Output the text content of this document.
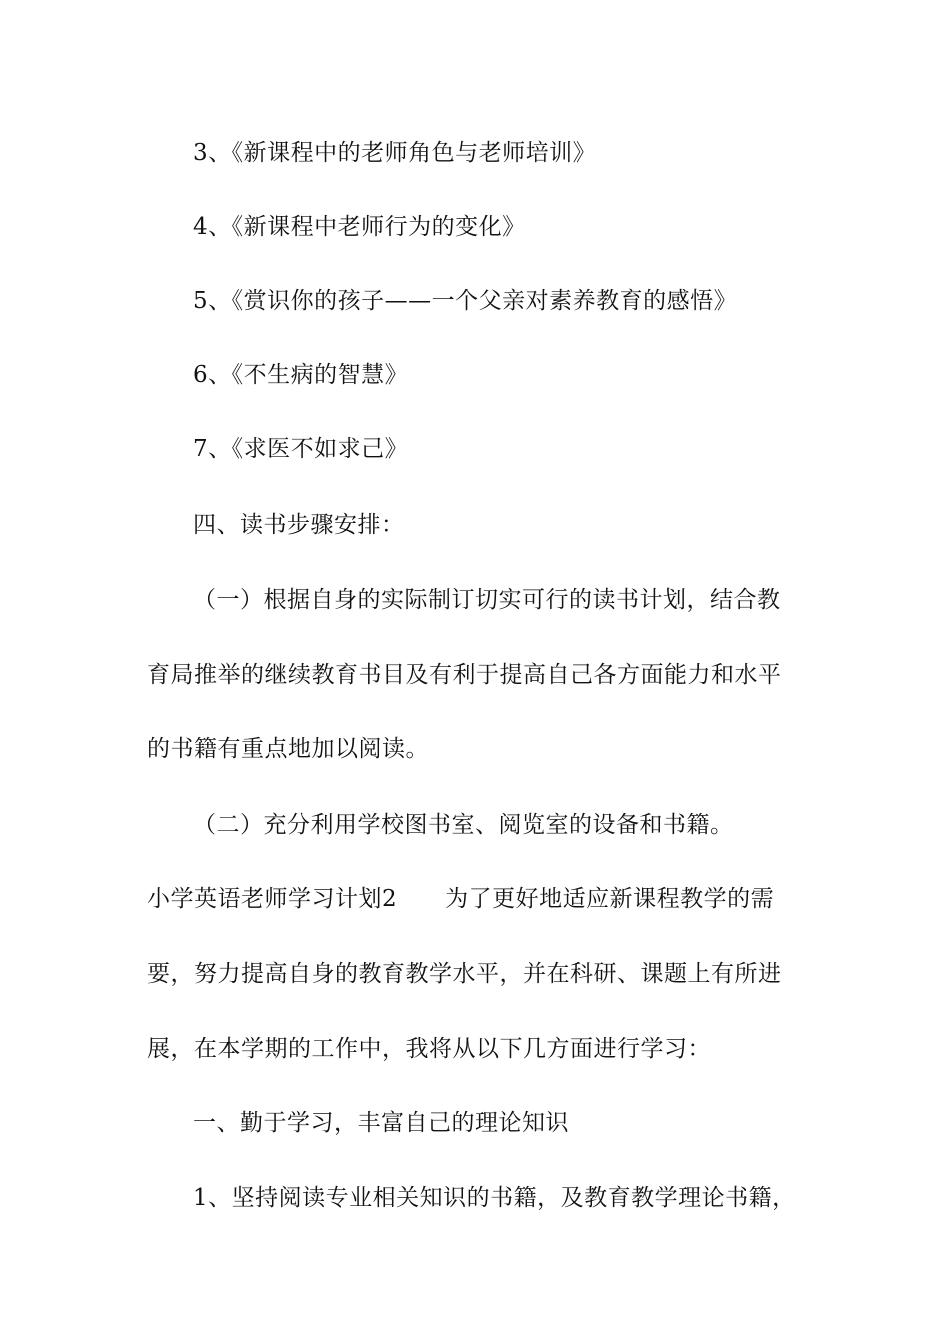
3、《新课程中的老师角色与老师培训》
4、《新课程中老师行为的变化》
5、《赏识你的孩子——一个父亲对素养教育的感悟》
6、《不生病的智慧》
7、《求医不如求己》
四、读书步骤安排：
（一）根据自身的实际制订切实可行的读书计划，结合教
育局推举的继续教育书目及有利于提高自己各方面能力和水平
的书籍有重点地加以阅读。
（二）充分利用学校图书室、阅览室的设备和书籍。
小学英语老师学习计划2 为了更好地适应新课程教学的需
要，努力提高自身的教育教学水平，并在科研、课题上有所进
展，在本学期的工作中，我将从以下几方面进行学习：
一、勤于学习，丰富自己的理论知识
1、坚持阅读专业相关知识的书籍，及教育教学理论书籍，
